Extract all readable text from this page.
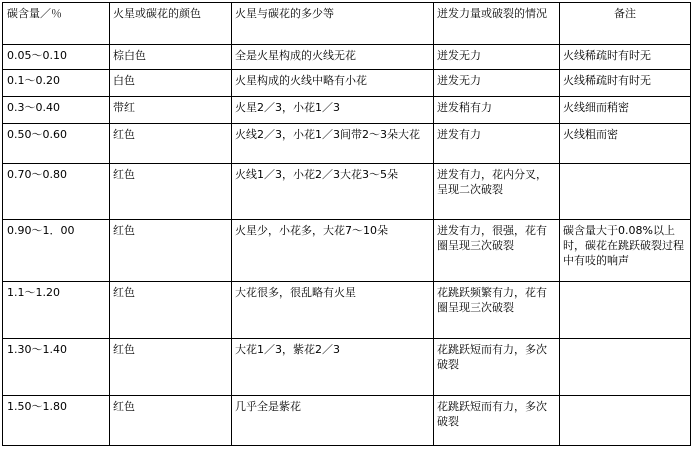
碳含量／％	火星或碳花的颜色	火星与碳花的多少等	迸发力量或破裂的情况	备注
0.05～0.10	棕白色	全是火星构成的火线无花	迸发无力	火线稀疏时有时无
0.1～0.20	白色	火星构成的火线中略有小花	迸发无力	火线稀疏时有时无
0.3～0.40	带红	火星2／3，小花1／3	迸发稍有力	火线细而稍密
0.50～0.60	红色	火线2／3，小花1／3间带2～3朵大花	迸发有力	火线粗而密
0.70～0.80	红色	火线1／3，小花2／3大花3～5朵	迸发有力，花内分叉，呈现二次破裂	
0.90～1．00	红色	火星少，小花多，大花7～10朵	迸发有力，很强，花有圈呈现三次破裂	碳含量大于0.08%以上时，碳花在跳跃破裂过程中有吱的响声
1.1～1.20	红色	大花很多，很乱略有火星	花跳跃频繁有力，花有圈呈现三次破裂	
1.30～1.40	红色	大花1／3，紫花2／3	花跳跃短而有力，多次破裂	
1.50～1.80	红色	几乎全是紫花	花跳跃短而有力，多次破裂	
